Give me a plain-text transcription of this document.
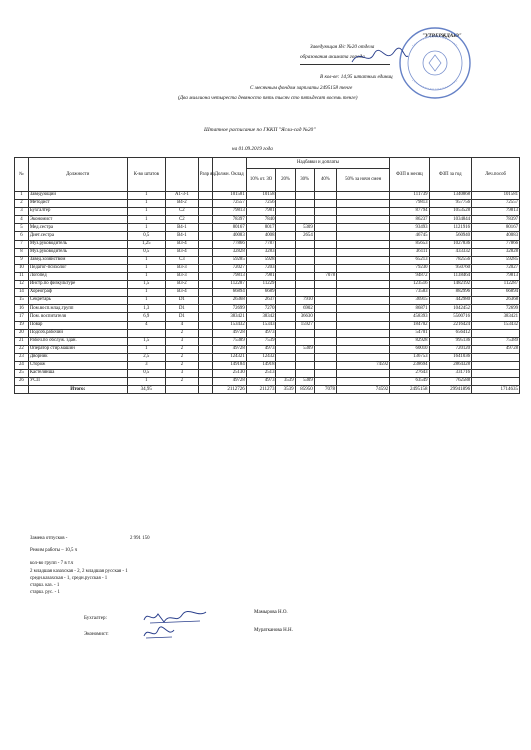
"УТВЕРЖДАЮ"
Заведующая Я/с №20 отдела
образования акимата города
В кол-ве: 14,95 штатных единиц
С месячным фондом зарплаты 2495158 тенге
(Два миллиона четыреста девяносто пять тысяч сто пятьдесят восемь тенге)
Штатное расписание по ГККП "Ясли-сад №20"
на 01.09.2019 года
№	Должности	К-во штатов		Разр яд	Должн. Оклад	Надбавки и доплаты					ФЗП в месяц	ФЗП за год	Леч.пособ
						10% от. ЗО	20%	30%	40%	50% за ночн смен			
1	Заведующий	1	А1-3-1		101581	10158					111739	1340868	101581
2	Методист	1	В4-2		72557	7256					79813	957756	72557
3	Бухгалтер	1	С2		79813	7981					87794	1053528	79813
4	Экономист	1	С2		78397	7840					86237	1034844	78397
5	Мед.сестра	1	В4-1		80167	8017		5309			93493	1121916	80167
6	Диет.сестра	0,5	В4-1		40083	4008		2654			46745	560940	40083
7	Муз.руководитель	1,25	В3-4		77866	7787					85653	1027836	77866
8	Муз.руководитель	0,5	В3-4		32828	3283					36111	433332	32828
9	Завед.хозяйством	1	С3		59285	5928					65213	782556	59285
10	Педагог-психолог	1	В3-3		72027	7203					79230	950760	72027
11	Логопед	1	В3-3		79813	7981			7078		94872	1138464	79813
12	Инстр.по физкультуре	1,5	В3-2		112287	11229					123516	1482192	112287
14	Хореограф	1	В3-4		66894	6689					73583	882996	66894
15	Секретарь	1	D1		26368	2637		7910			36915	442980	26368
16	Пом.восп.млад.групп	1,3	D1		72699	7270		6902			86871	1042452	72699
17	Пом. воспитателя	6,9	D1		383421	38342		36630			458393	5500716	383421
19	Повар	4	4		153432	15343		15927			184702	2216424	153432
20	Подсоб.рабочий		2		49728	4973					54701	656412	
21	Рабоч.по обслуж. здан.	1,5	3		75389	7539					82928	995136	75389
22	Оператор стир.машин	1	2		49728	4973		5309			60010	720120	49728
23	Дворник	2,5	2		124321	12432					136753	1641036	
24	Сторож	3	2		149184	14918				74592	238694	2864328	
25	Кастелянша	0,5	3		25130	2513					27643	331716	
26	УСП	1	2		49728	4973	3539	5309			63549	762588	
	Итого:	34,95			2112726	211273	3539	85950	7078	74592	2495158	29941896	1714635
Замена отпусков -	2 991 150
Режим работы – 10,5 ч
кол-во групп - 7 в т.ч
2 младшая казахская - 2, 2 младшая русская - 1
средн.казахская - 1, средн.русская - 1
старш. каз. - 1
старш. рус. - 1
Бухгалтер:
Мамырова Н.О.
Экономист:
Муратканова Н.Н.
